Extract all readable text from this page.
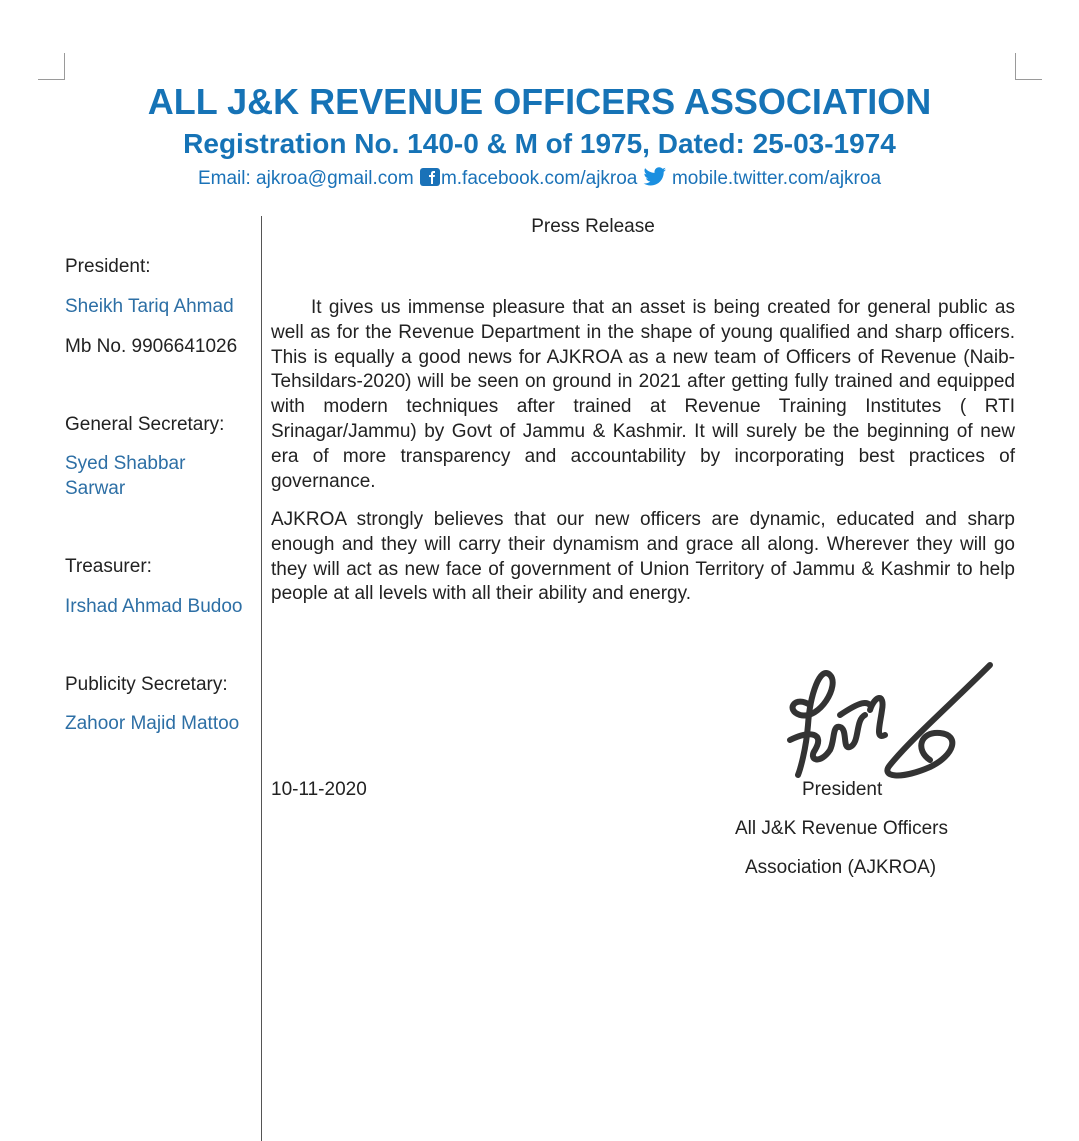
ALL J&K REVENUE OFFICERS ASSOCIATION
Registration No. 140-0 & M of 1975, Dated: 25-03-1974
Email: ajkroa@gmail.com m.facebook.com/ajkroa mobile.twitter.com/ajkroa
President:
Sheikh Tariq Ahmad
Mb No. 9906641026
General Secretary:
Syed Shabbar
Sarwar
Treasurer:
Irshad Ahmad Budoo
Publicity Secretary:
Zahoor Majid Mattoo
Press Release

It gives us immense pleasure that an asset is being created for general public as well as for the Revenue Department in the shape of young qualified and sharp officers. This is equally a good news for AJKROA as a new team of Officers of Revenue (Naib-Tehsildars-2020) will be seen on ground in 2021 after getting fully trained and equipped with modern techniques after trained at Revenue Training Institutes ( RTI Srinagar/Jammu) by Govt of Jammu & Kashmir. It will surely be the beginning of new era of more transparency and accountability by incorporating best practices of governance.

AJKROA strongly believes that our new officers are dynamic, educated and sharp enough and they will carry their dynamism and grace all along. Wherever they will go they will act as new face of government of Union Territory of Jammu & Kashmir to help people at all levels with all their ability and energy.

10-11-2020	President
All J&K Revenue Officers
Association (AJKROA)
